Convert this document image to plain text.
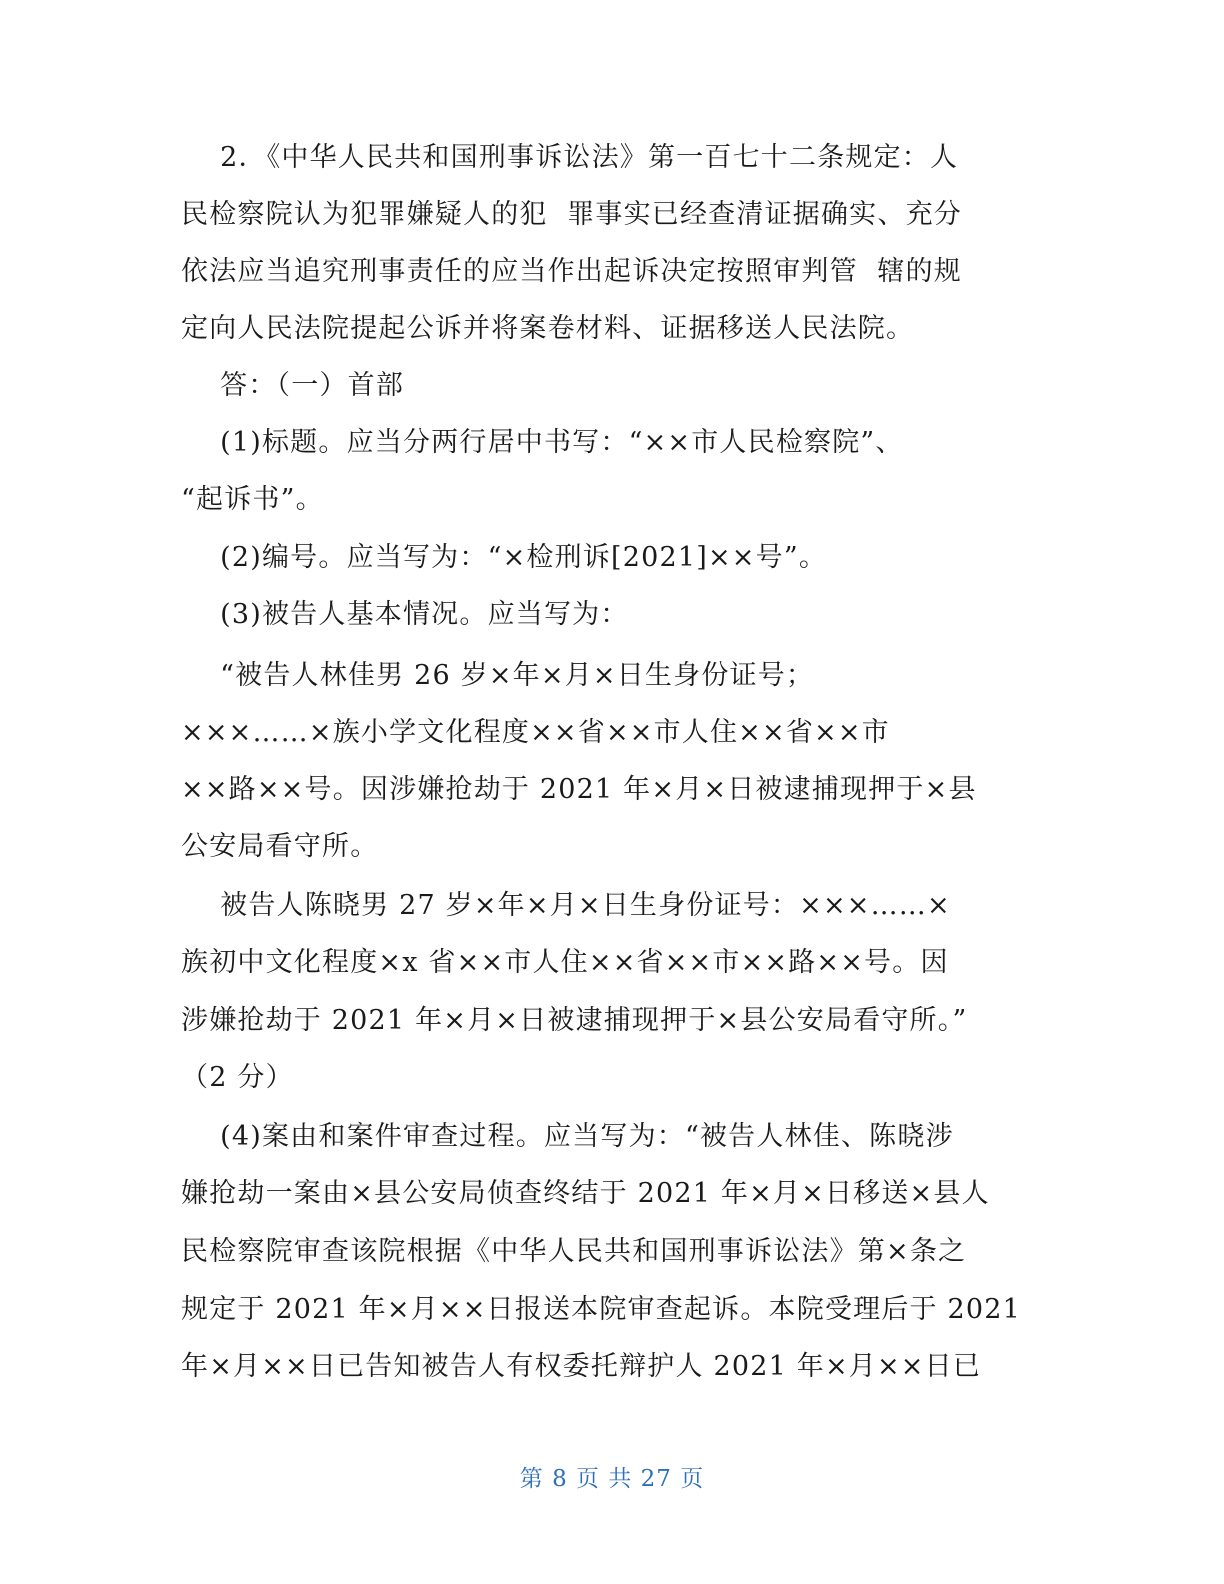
2．《中华人民共和国刑事诉讼法》第一百七十二条规定：人
民检察院认为犯罪嫌疑人的犯  罪事实已经查清证据确实、充分
依法应当追究刑事责任的应当作出起诉决定按照审判管  辖的规
定向人民法院提起公诉并将案卷材料、证据移送人民法院。
答：（一）首部
(1)标题。应当分两行居中书写：“××市人民检察院”、
“起诉书”。
(2)编号。应当写为：“×检刑诉[2021]××号”。
(3)被告人基本情况。应当写为：
“被告人林佳男 26 岁×年×月×日生身份证号；
×××……×族小学文化程度××省××市人住××省××市
××路××号。因涉嫌抢劫于 2021 年×月×日被逮捕现押于×县
公安局看守所。
被告人陈晓男 27 岁×年×月×日生身份证号：×××……×
族初中文化程度×x 省××市人住××省××市××路××号。因
涉嫌抢劫于 2021 年×月×日被逮捕现押于×县公安局看守所。”
（2 分）
(4)案由和案件审查过程。应当写为：“被告人林佳、陈晓涉
嫌抢劫一案由×县公安局侦查终结于 2021 年×月×日移送×县人
民检察院审查该院根据《中华人民共和国刑事诉讼法》第×条之
规定于 2021 年×月××日报送本院审查起诉。本院受理后于 2021
年×月××日已告知被告人有权委托辩护人 2021 年×月××日已
第 8 页 共 27 页
